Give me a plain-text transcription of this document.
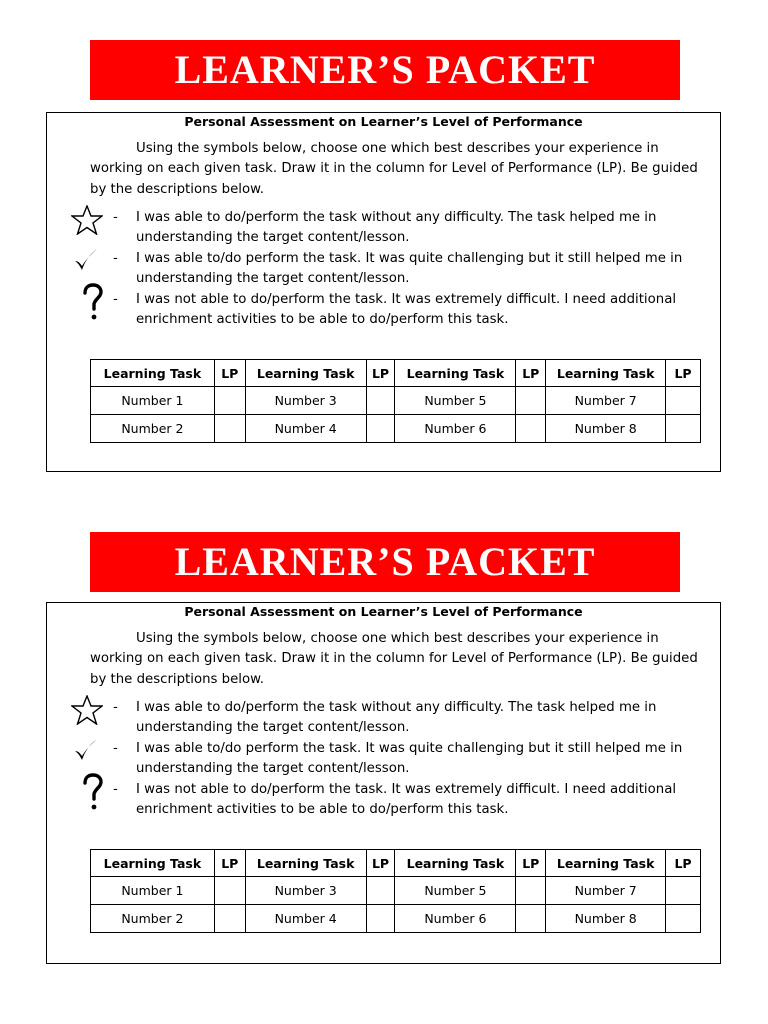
LEARNER’S PACKET
Personal Assessment on Learner’s Level of Performance
Using the symbols below, choose one which best describes your experience in working on each given task. Draw it in the column for Level of Performance (LP). Be guided by the descriptions below.
- I was able to do/perform the task without any difficulty. The task helped me in understanding the target content/lesson.
- I was able to/do perform the task. It was quite challenging but it still helped me in understanding the target content/lesson.
- I was not able to do/perform the task. It was extremely difficult. I need additional enrichment activities to be able to do/perform this task.
Learning Task	LP	Learning Task	LP	Learning Task	LP	Learning Task	LP
Number 1		Number 3		Number 5		Number 7	
Number 2		Number 4		Number 6		Number 8	
LEARNER’S PACKET
Personal Assessment on Learner’s Level of Performance
Using the symbols below, choose one which best describes your experience in working on each given task. Draw it in the column for Level of Performance (LP). Be guided by the descriptions below.
- I was able to do/perform the task without any difficulty. The task helped me in understanding the target content/lesson.
- I was able to/do perform the task. It was quite challenging but it still helped me in understanding the target content/lesson.
- I was not able to do/perform the task. It was extremely difficult. I need additional enrichment activities to be able to do/perform this task.
Learning Task	LP	Learning Task	LP	Learning Task	LP	Learning Task	LP
Number 1		Number 3		Number 5		Number 7	
Number 2		Number 4		Number 6		Number 8	
